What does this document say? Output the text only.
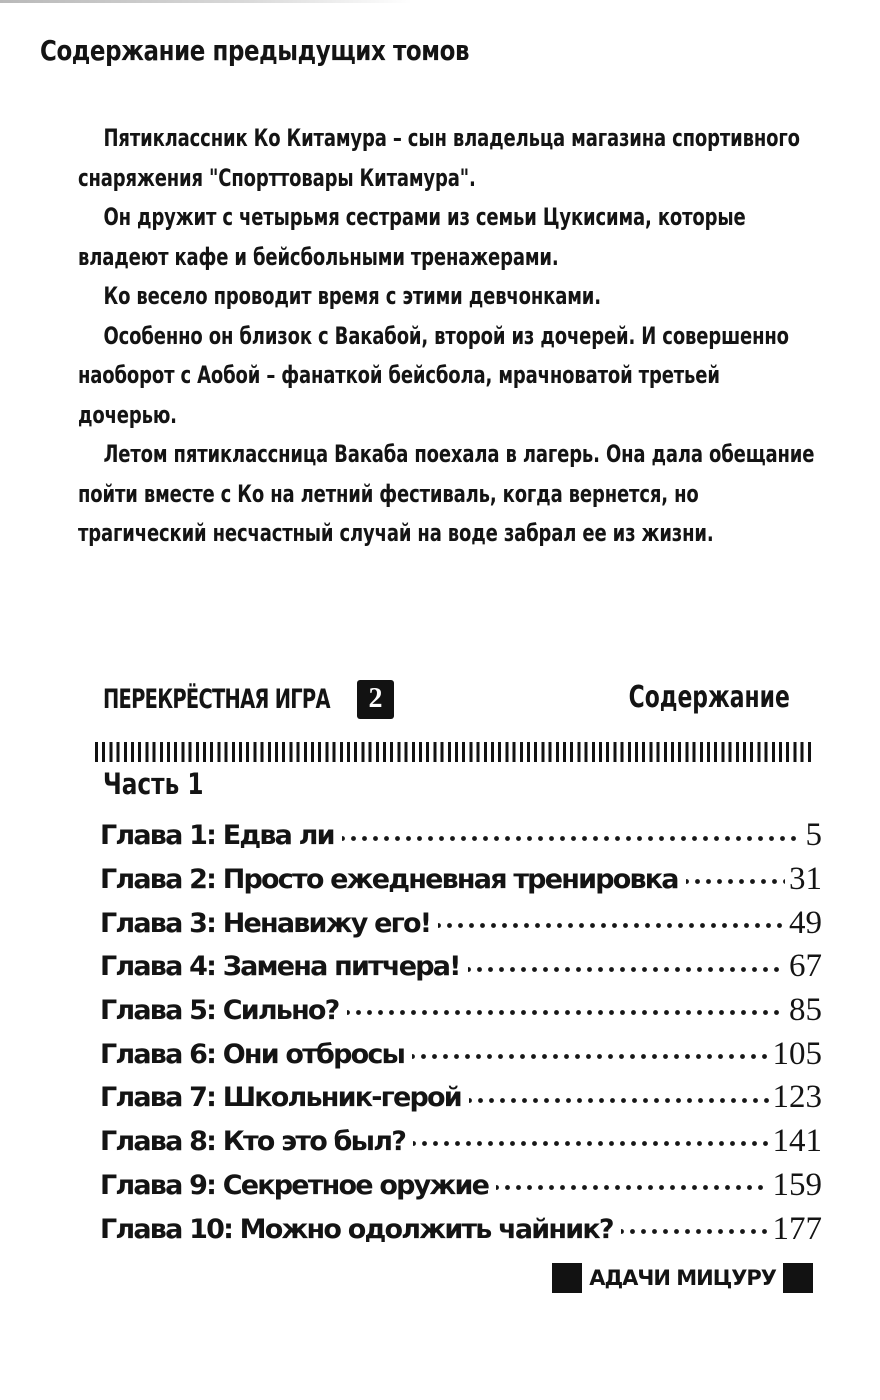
Содержание предыдущих томов

Пятиклассник Ко Китамура – сын владельца магазина спортивного снаряжения "Спорттовары Китамура".

Он дружит с четырьмя сестрами из семьи Цукисима, которые владеют кафе и бейсбольными тренажерами.

Ко весело проводит время с этими девчонками.

Особенно он близок с Вакабой, второй из дочерей. И совершенно наоборот с Аобой – фанаткой бейсбола, мрачноватой третьей дочерью.

Летом пятиклассница Вакаба поехала в лагерь. Она дала обещание пойти вместе с Ко на летний фестиваль, когда вернется, но трагический несчастный случай на воде забрал ее из жизни.

ПЕРЕКРЁСТНАЯ ИГРА	2	Содержание
Часть 1
Глава 1: Едва ли	5
Глава 2: Просто ежедневная тренировка	31
Глава 3: Ненавижу его!	49
Глава 4: Замена питчера!	67
Глава 5: Сильно?	85
Глава 6: Они отбросы	105
Глава 7: Школьник-герой	123
Глава 8: Кто это был?	141
Глава 9: Секретное оружие	159
Глава 10: Можно одолжить чайник?	177
АДАЧИ МИЦУРУ
